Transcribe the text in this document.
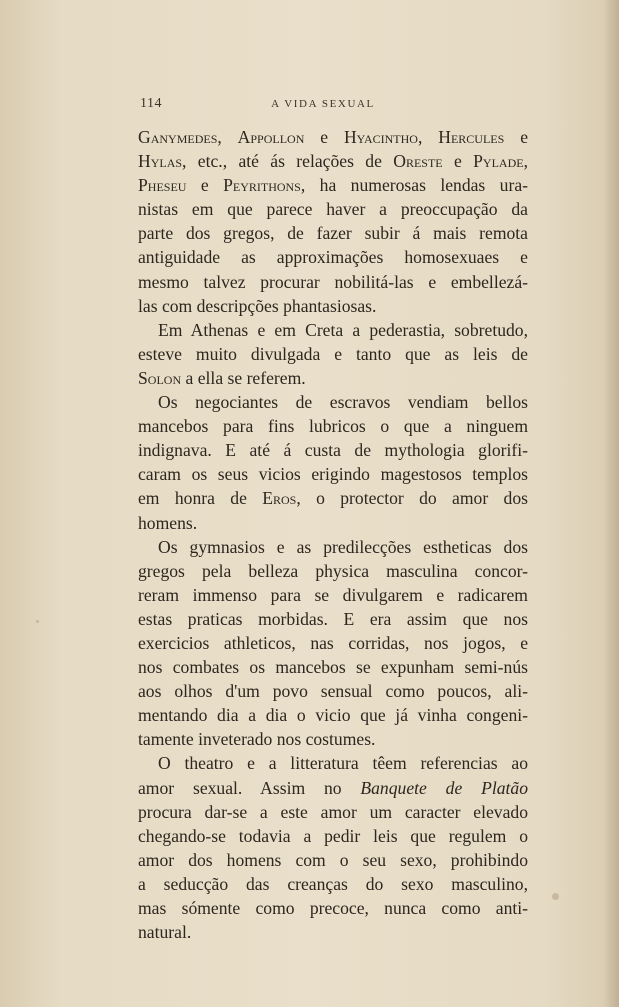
114	A VIDA SEXUAL

Ganymedes, Appollon e Hyacintho, Hercules e
Hylas, etc., até ás relações de Oreste e Pylade,
Pheseu e Peyrithons, ha numerosas lendas ura-
nistas em que parece haver a preoccupação da
parte dos gregos, de fazer subir á mais remota
antiguidade as approximações homosexuaes e
mesmo talvez procurar nobilitá-las e embellezá-
las com descripções phantasiosas.

Em Athenas e em Creta a pederastia, sobretudo,
esteve muito divulgada e tanto que as leis de
Solon a ella se referem.

Os negociantes de escravos vendiam bellos
mancebos para fins lubricos o que a ninguem
indignava. E até á custa de mythologia glorifi-
caram os seus vicios erigindo magestosos templos
em honra de Eros, o protector do amor dos
homens.

Os gymnasios e as predilecções estheticas dos
gregos pela belleza physica masculina concor-
reram immenso para se divulgarem e radicarem
estas praticas morbidas. E era assim que nos
exercicios athleticos, nas corridas, nos jogos, e
nos combates os mancebos se expunham semi-nús
aos olhos d'um povo sensual como poucos, ali-
mentando dia a dia o vicio que já vinha congeni-
tamente inveterado nos costumes.

O theatro e a litteratura têem referencias ao
amor sexual. Assim no Banquete de Platão
procura dar-se a este amor um caracter elevado
chegando-se todavia a pedir leis que regulem o
amor dos homens com o seu sexo, prohibindo
a seducção das creanças do sexo masculino,
mas sómente como precoce, nunca como anti-
natural.
